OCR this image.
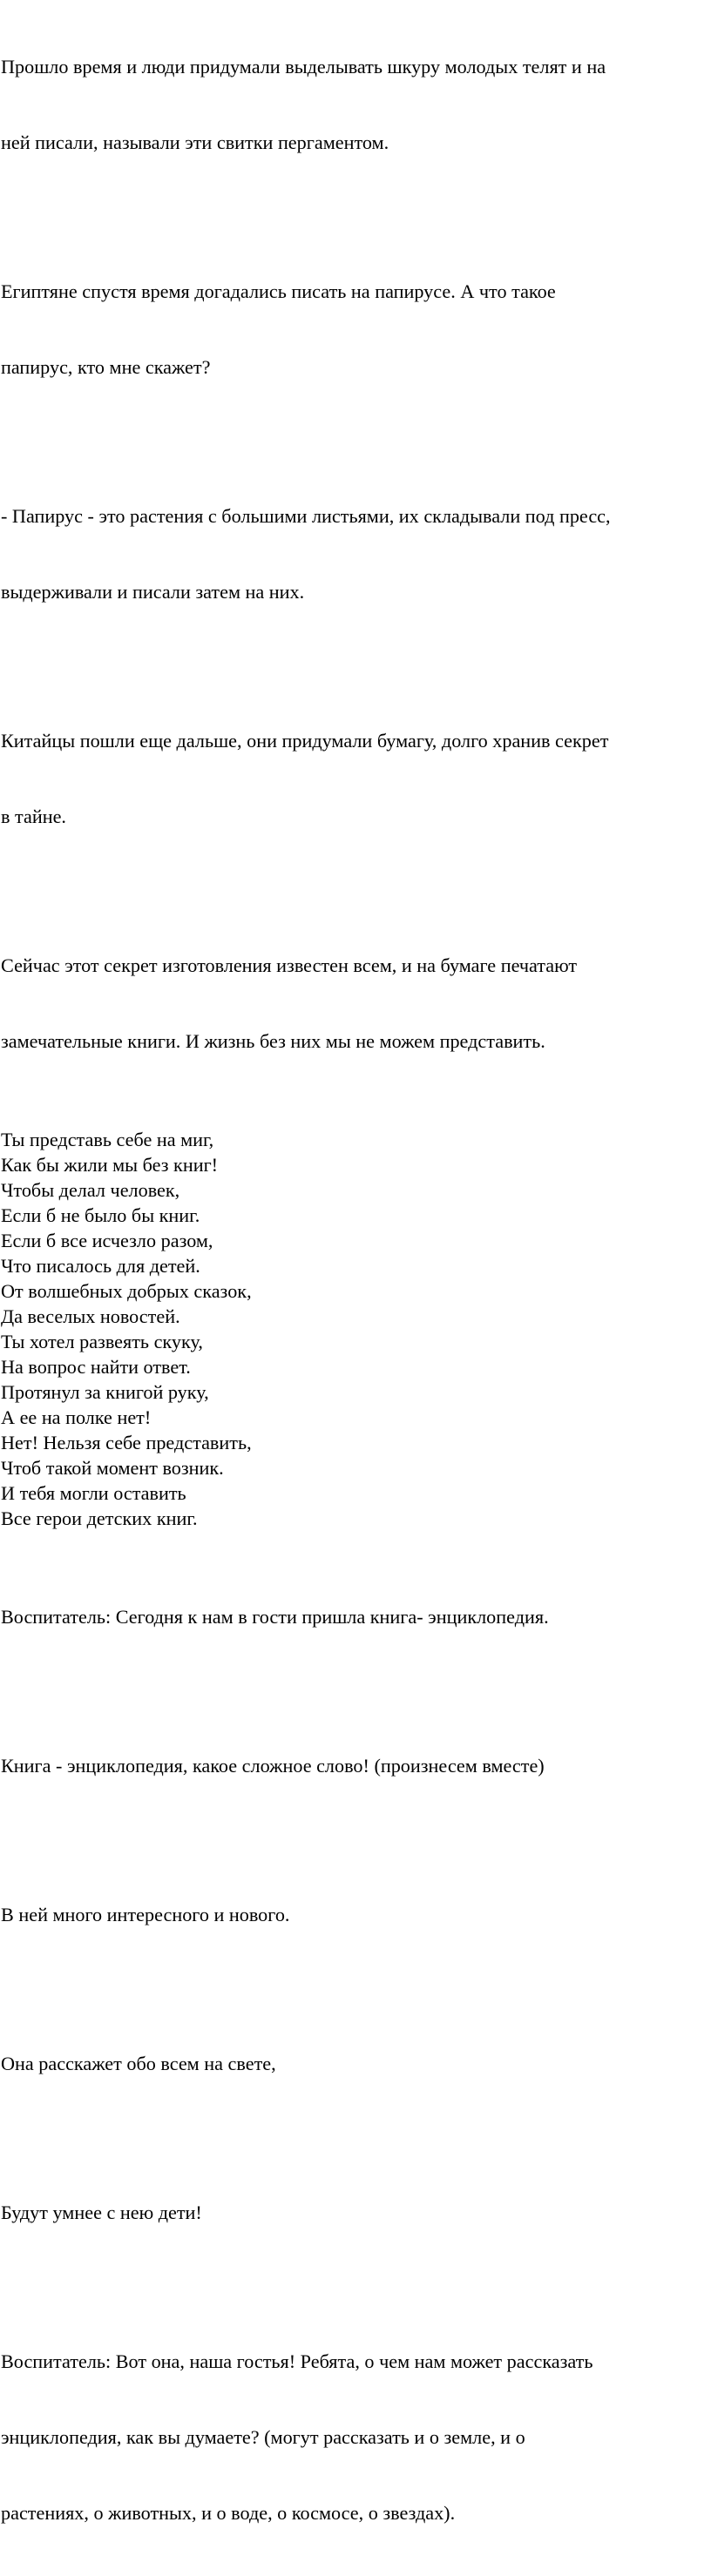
Прошло время и люди придумали выделывать шкуру молодых телят и на

ней писали, называли эти свитки пергаментом.

Египтяне спустя время догадались писать на папирусе. А что такое

папирус, кто мне скажет?

- Папирус - это растения с большими листьями, их складывали под пресс,

выдерживали и писали затем на них.

Китайцы пошли еще дальше, они придумали бумагу, долго хранив секрет

в тайне.

Сейчас этот секрет изготовления известен всем, и на бумаге печатают

замечательные книги. И жизнь без них мы не можем представить.

Ты представь себе на миг,
Как бы жили мы без книг!
Чтобы делал человек,
Если б не было бы книг.
Если б все исчезло разом,
Что писалось для детей.
От волшебных добрых сказок,
Да веселых новостей.
Ты хотел развеять скуку,
На вопрос найти ответ.
Протянул за книгой руку,
А ее на полке нет!
Нет! Нельзя себе представить,
Чтоб такой момент возник.
И тебя могли оставить
Все герои детских книг.

Воспитатель: Сегодня к нам в гости пришла книга- энциклопедия.

Книга - энциклопедия, какое сложное слово! (произнесем вместе)

В ней много интересного и нового.

Она расскажет обо всем на свете,

Будут умнее с нею дети!

Воспитатель: Вот она, наша гостья! Ребята, о чем нам может рассказать

энциклопедия, как вы думаете? (могут рассказать и о земле, и о

растениях, о животных, и о воде, о космосе, о звездах).
